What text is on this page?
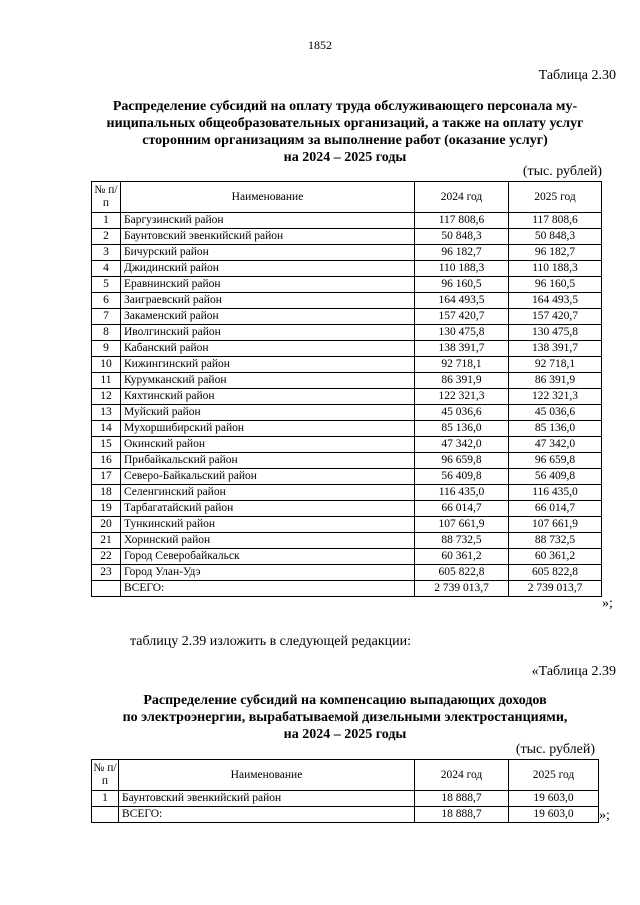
1852
Таблица 2.30
Распределение субсидий на оплату труда обслуживающего персонала му-
ниципальных общеобразовательных организаций, а также на оплату услуг
сторонним организациям за выполнение работ (оказание услуг)
на 2024 – 2025 годы
(тыс. рублей)
№ п/п	Наименование	2024 год	2025 год
1	Баргузинский район	117 808,6	117 808,6
2	Баунтовский эвенкийский район	50 848,3	50 848,3
3	Бичурский район	96 182,7	96 182,7
4	Джидинский район	110 188,3	110 188,3
5	Еравнинский район	96 160,5	96 160,5
6	Заиграевский район	164 493,5	164 493,5
7	Закаменский район	157 420,7	157 420,7
8	Иволгинский район	130 475,8	130 475,8
9	Кабанский район	138 391,7	138 391,7
10	Кижингинский район	92 718,1	92 718,1
11	Курумканский район	86 391,9	86 391,9
12	Кяхтинский район	122 321,3	122 321,3
13	Муйский район	45 036,6	45 036,6
14	Мухоршибирский район	85 136,0	85 136,0
15	Окинский район	47 342,0	47 342,0
16	Прибайкальский район	96 659,8	96 659,8
17	Северо-Байкальский район	56 409,8	56 409,8
18	Селенгинский район	116 435,0	116 435,0
19	Тарбагатайский район	66 014,7	66 014,7
20	Тункинский район	107 661,9	107 661,9
21	Хоринский район	88 732,5	88 732,5
22	Город Северобайкальск	60 361,2	60 361,2
23	Город Улан-Удэ	605 822,8	605 822,8
	ВСЕГО:	2 739 013,7	2 739 013,7
»;
таблицу 2.39 изложить в следующей редакции:
«Таблица 2.39
Распределение субсидий на компенсацию выпадающих доходов
по электроэнергии, вырабатываемой дизельными электростанциями,
на 2024 – 2025 годы
(тыс. рублей)
№ п/п	Наименование	2024 год	2025 год
1	Баунтовский эвенкийский район	18 888,7	19 603,0
	ВСЕГО:	18 888,7	19 603,0 »;
